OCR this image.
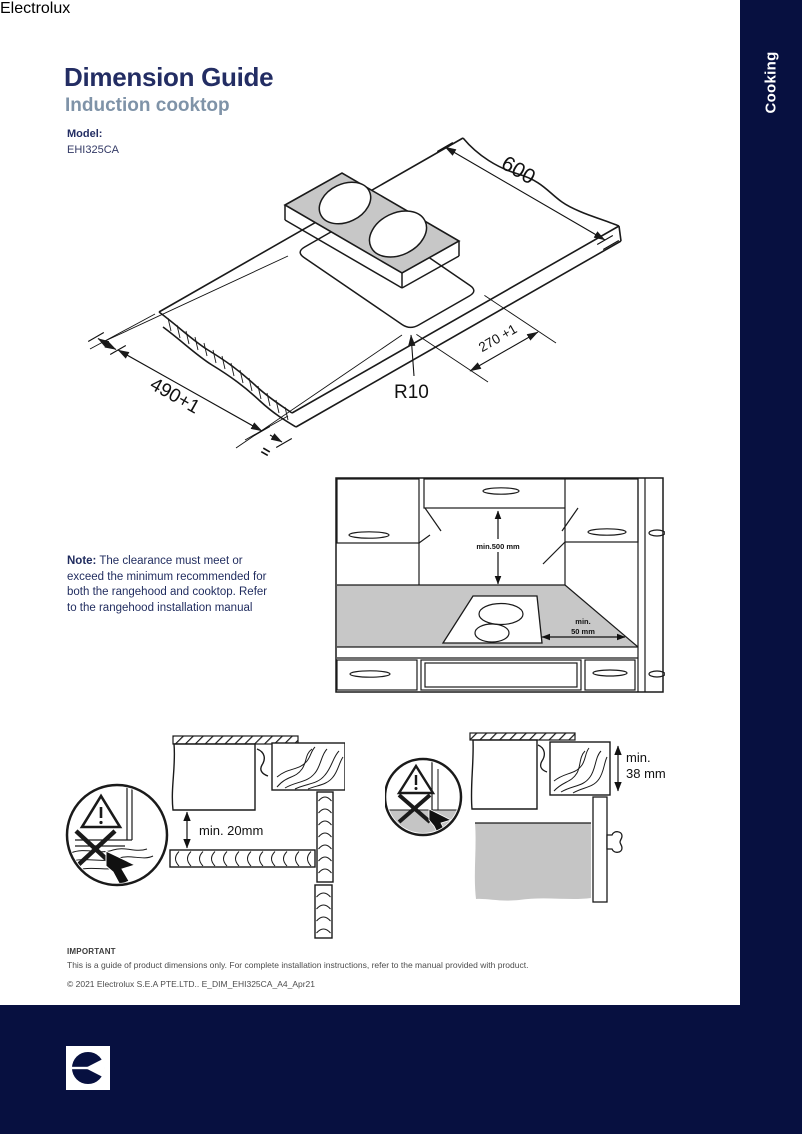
Cooking
Dimension Guide
Induction cooktop
Model:
EHI325CA
600
270 +1
R10
490+1
=
Note: The clearance must meet or
exceed the minimum recommended for
both the rangehood and cooktop. Refer
to the rangehood installation manual
min.500 mm
min.
50 mm
min. 20mm
min.
38 mm
IMPORTANT
This is a guide of product dimensions only. For complete installation instructions, refer to the manual provided with product.
© 2021 Electrolux S.E.A PTE.LTD.. E_DIM_EHI325CA_A4_Apr21
Electrolux
